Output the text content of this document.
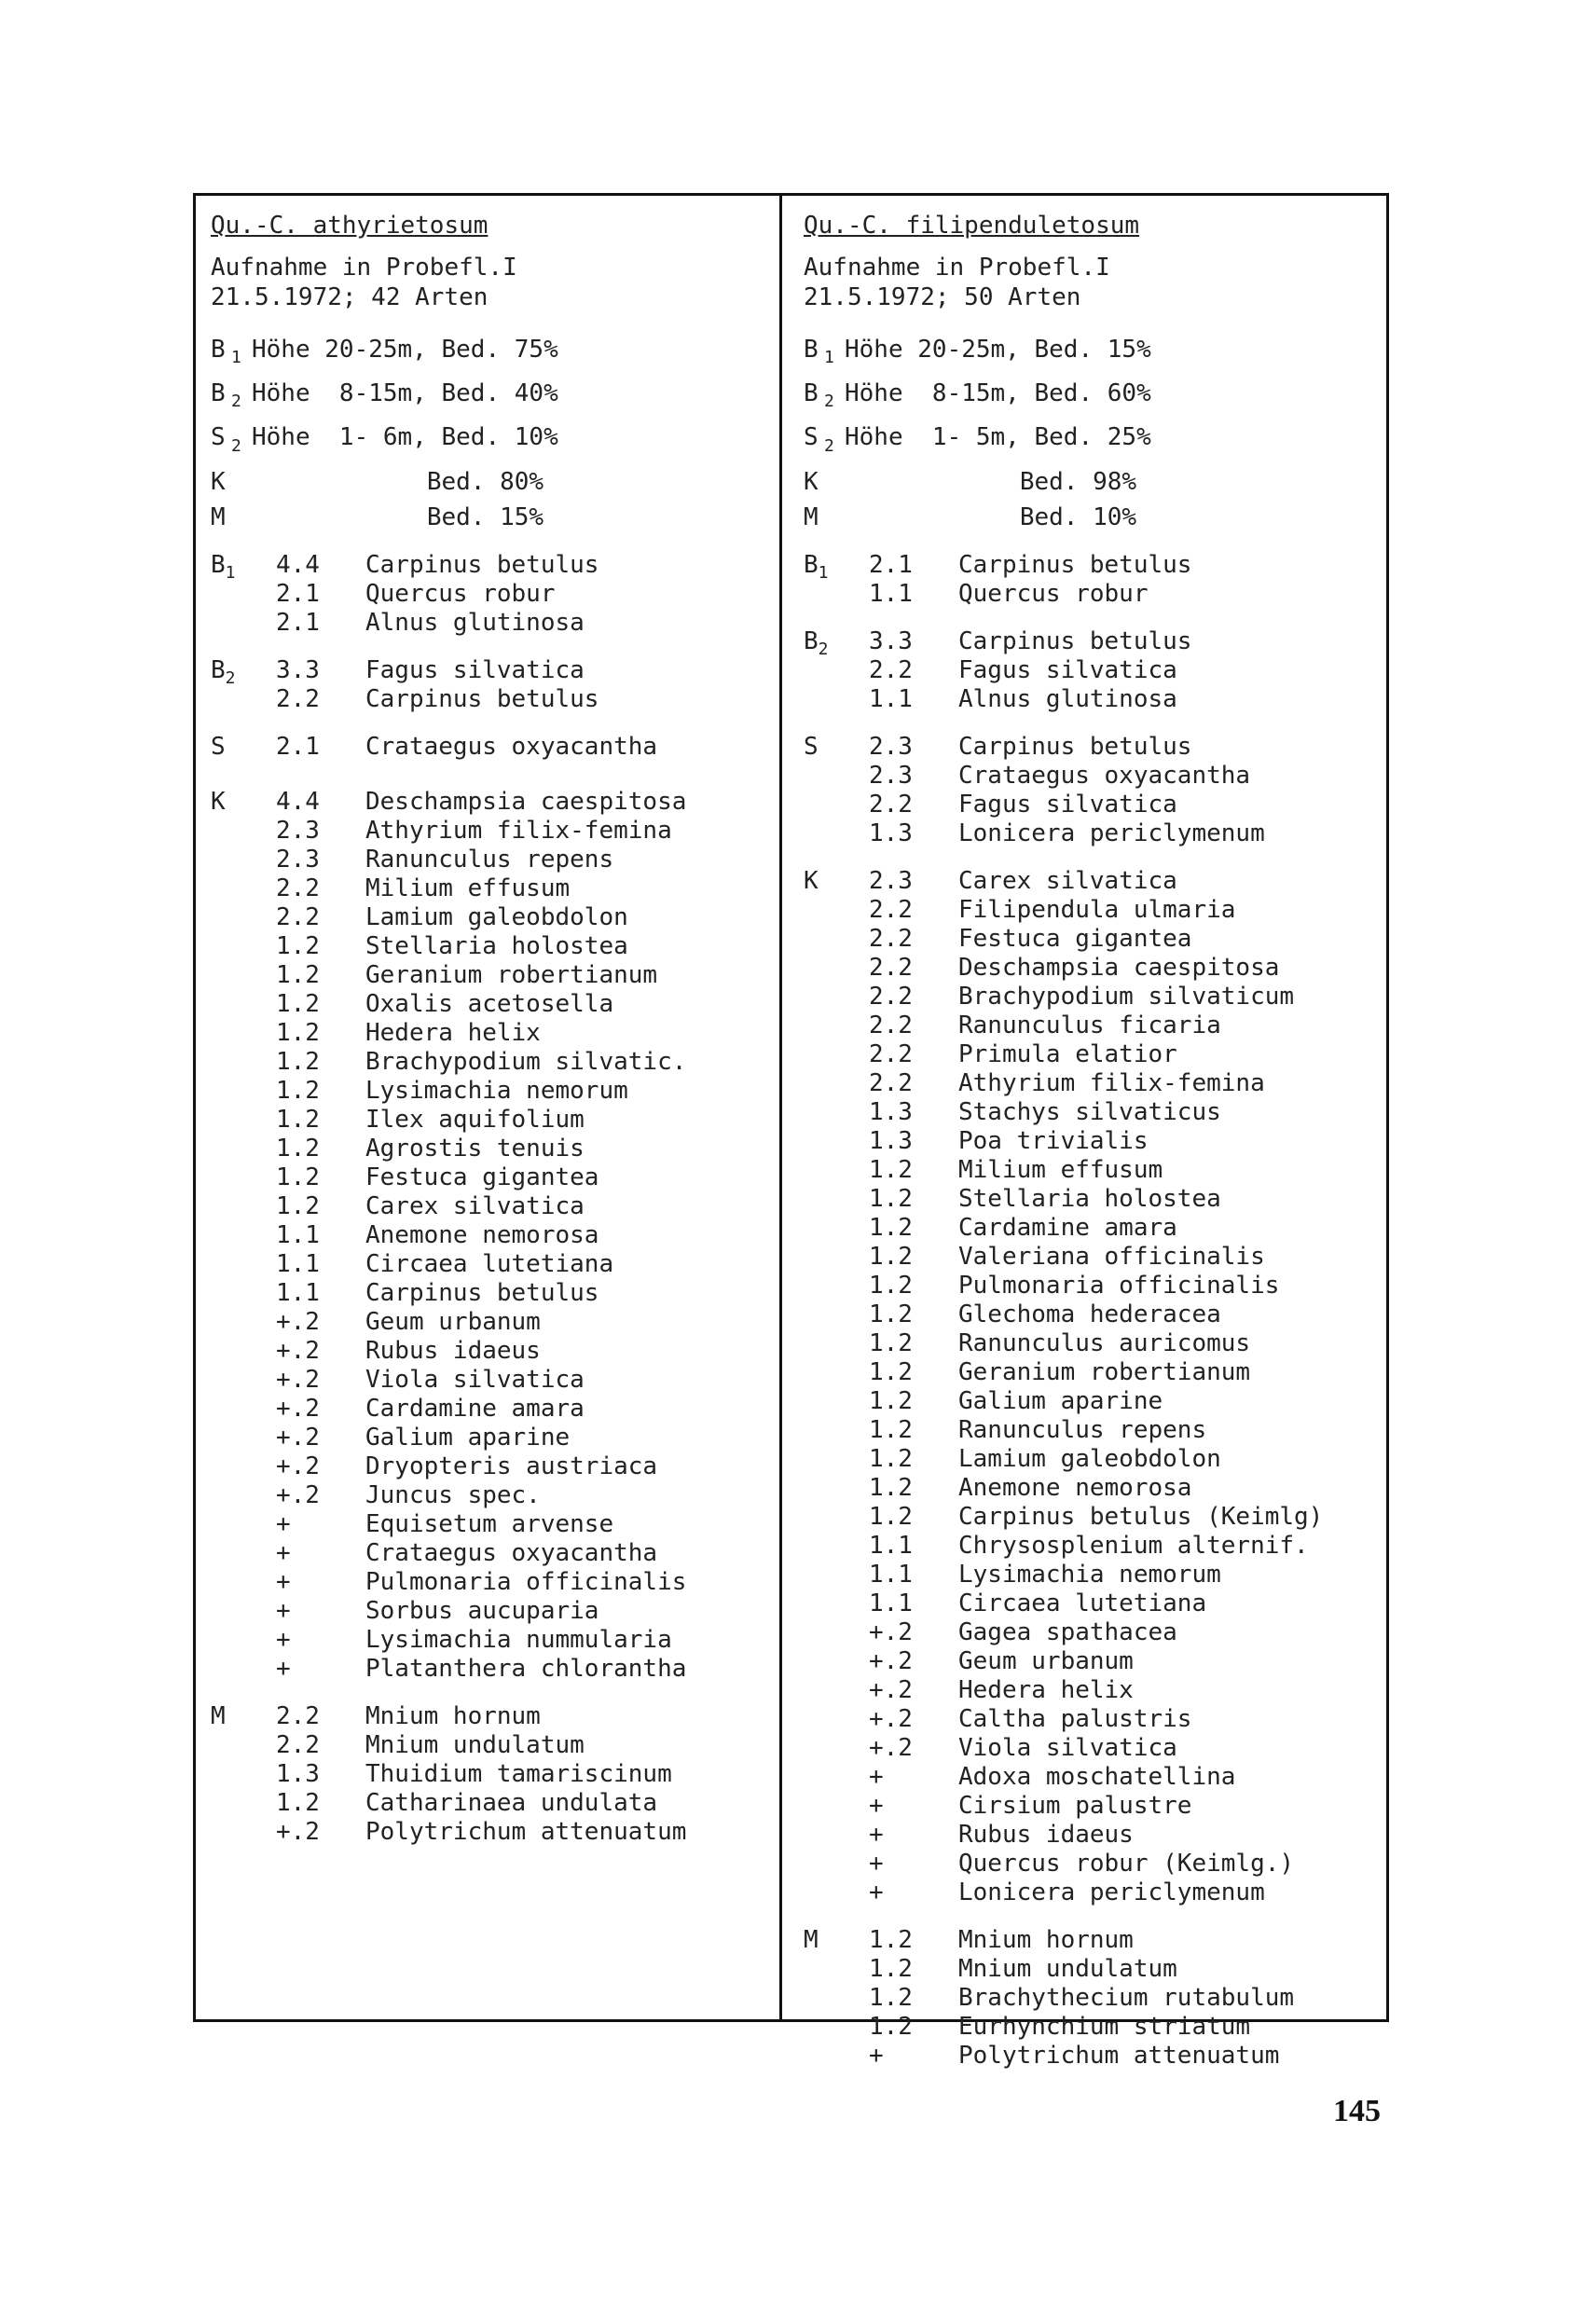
Qu.-C. athyrietosum

Aufnahme in Probefl.I

21.5.1972; 42 Arten

B $_1$ Höhe 20-25m, Bed. 75%

B $_2$ Höhe  8-15m, Bed. 40%

S $_2$ Höhe  1- 6m, Bed. 10%

K            Bed. 80%

M            Bed. 15%

$B_1$	4.4	Carpinus betulus
2.1	Quercus robur
2.1	Alnus glutinosa
$B_2$	3.3	Fagus silvatica
2.2	Carpinus betulus
S	2.1	Crataegus oxyacantha
K	4.4	Deschampsia caespitosa
2.3	Athyrium filix-femina
2.3	Ranunculus repens
2.2	Milium effusum
2.2	Lamium galeobdolon
1.2	Stellaria holostea
1.2	Geranium robertianum
1.2	Oxalis acetosella
1.2	Hedera helix
1.2	Brachypodium silvatic.
1.2	Lysimachia nemorum
1.2	Ilex aquifolium
1.2	Agrostis tenuis
1.2	Festuca gigantea
1.2	Carex silvatica
1.1	Anemone nemorosa
1.1	Circaea lutetiana
1.1	Carpinus betulus
+.2	Geum urbanum
+.2	Rubus idaeus
+.2	Viola silvatica
+.2	Cardamine amara
+.2	Galium aparine
+.2	Dryopteris austriaca
+.2	Juncus spec.
+	Equisetum arvense
+	Crataegus oxyacantha
+	Pulmonaria officinalis
+	Sorbus aucuparia
+	Lysimachia nummularia
+	Platanthera chlorantha
M	2.2	Mnium hornum
2.2	Mnium undulatum
1.3	Thuidium tamariscinum
1.2	Catharinaea undulata
+.2	Polytrichum attenuatum

Qu.-C. filipenduletosum

Aufnahme in Probefl.I

21.5.1972; 50 Arten

B $_1$ Höhe 20-25m, Bed. 15%

B $_2$ Höhe  8-15m, Bed. 60%

S $_2$ Höhe  1- 5m, Bed. 25%

K            Bed. 98%

M            Bed. 10%

$B_1$	2.1	Carpinus betulus
1.1	Quercus robur
$B_2$	3.3	Carpinus betulus
2.2	Fagus silvatica
1.1	Alnus glutinosa
S	2.3	Carpinus betulus
2.3	Crataegus oxyacantha
2.2	Fagus silvatica
1.3	Lonicera periclymenum
K	2.3	Carex silvatica
2.2	Filipendula ulmaria
2.2	Festuca gigantea
2.2	Deschampsia caespitosa
2.2	Brachypodium silvaticum
2.2	Ranunculus ficaria
2.2	Primula elatior
2.2	Athyrium filix-femina
1.3	Stachys silvaticus
1.3	Poa trivialis
1.2	Milium effusum
1.2	Stellaria holostea
1.2	Cardamine amara
1.2	Valeriana officinalis
1.2	Pulmonaria officinalis
1.2	Glechoma hederacea
1.2	Ranunculus auricomus
1.2	Geranium robertianum
1.2	Galium aparine
1.2	Ranunculus repens
1.2	Lamium galeobdolon
1.2	Anemone nemorosa
1.2	Carpinus betulus (Keimlg)
1.1	Chrysosplenium alternif.
1.1	Lysimachia nemorum
1.1	Circaea lutetiana
+.2	Gagea spathacea
+.2	Geum urbanum
+.2	Hedera helix
+.2	Caltha palustris
+.2	Viola silvatica
+	Adoxa moschatellina
+	Cirsium palustre
+	Rubus idaeus
+	Quercus robur (Keimlg.)
+	Lonicera periclymenum
M	1.2	Mnium hornum
1.2	Mnium undulatum
1.2	Brachythecium rutabulum
1.2	Eurhynchium striatum
+	Polytrichum attenuatum
145
